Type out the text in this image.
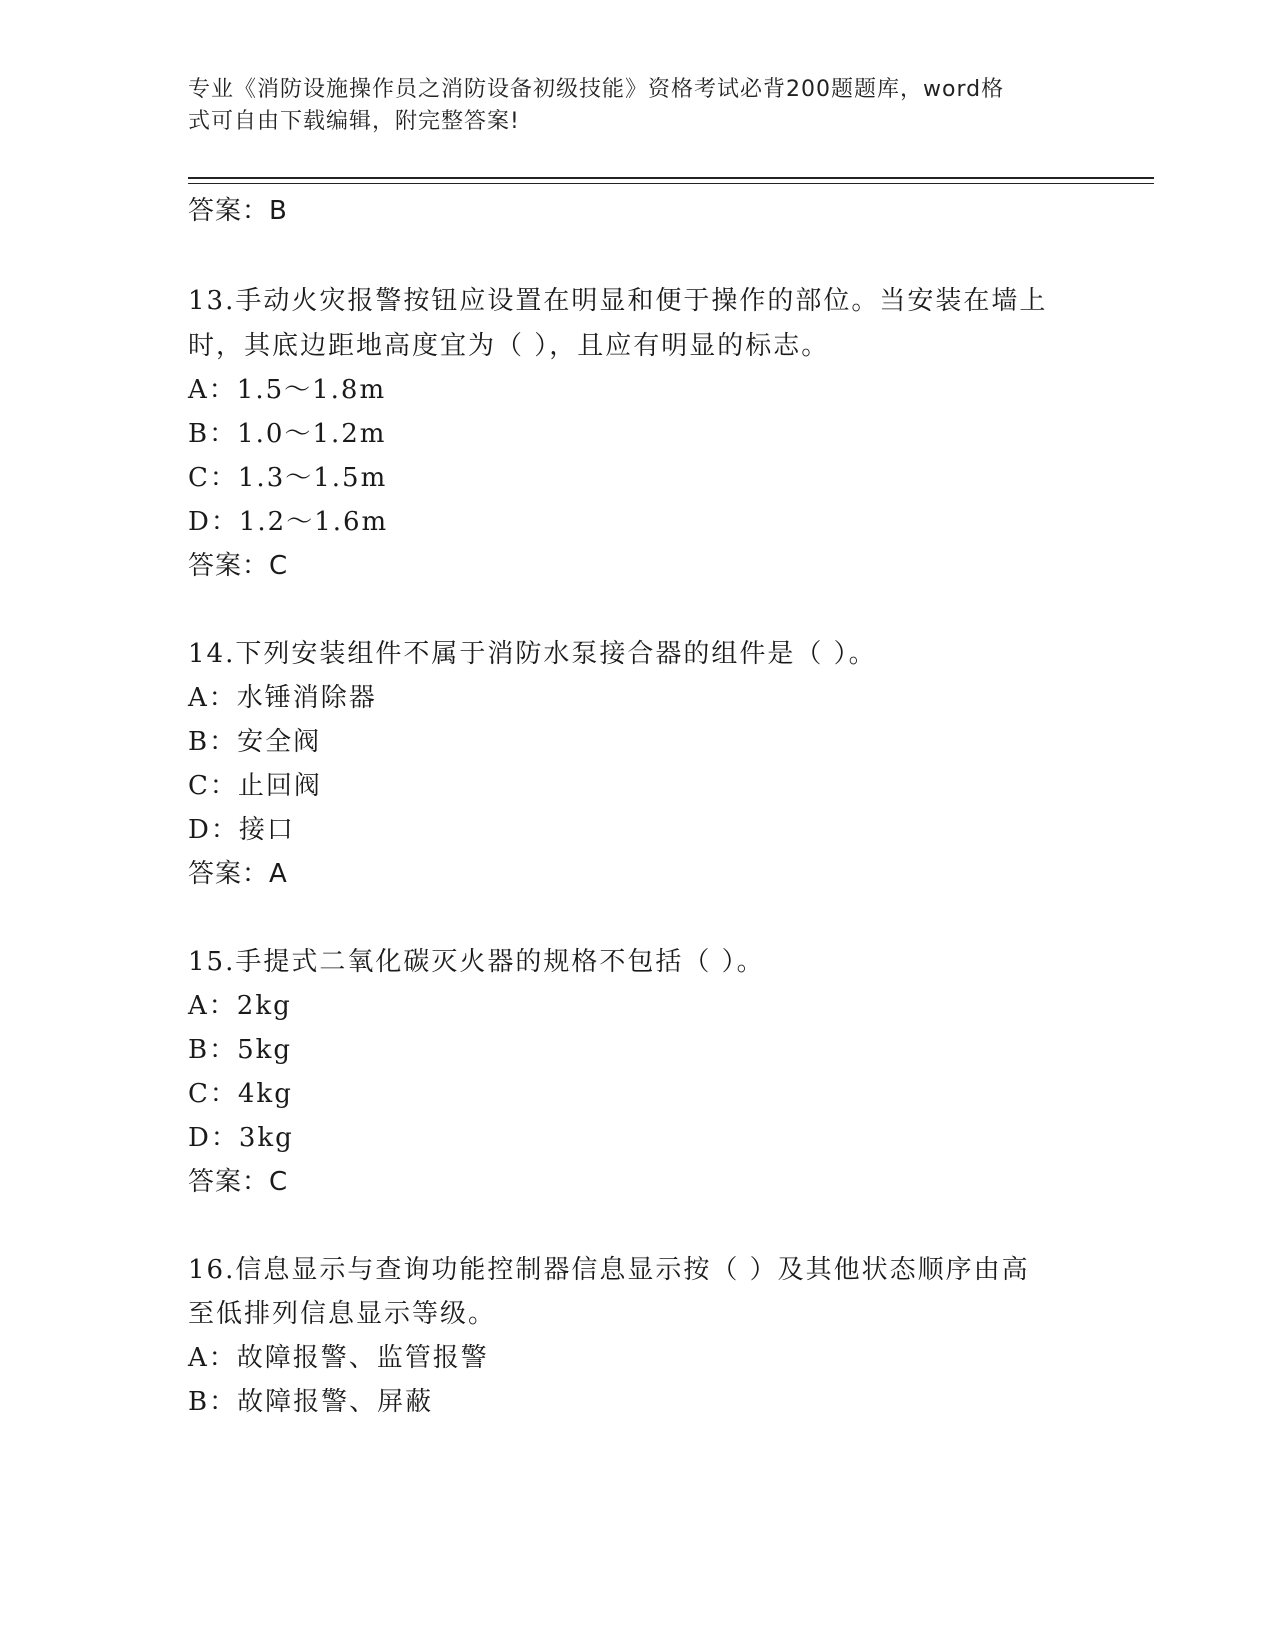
专业《消防设施操作员之消防设备初级技能》资格考试必背200题题库，word格
式可自由下载编辑，附完整答案!
答案：B
13.手动火灾报警按钮应设置在明显和便于操作的部位。当安装在墙上
时，其底边距地高度宜为（ ），且应有明显的标志。
A：1.5～1.8m
B：1.0～1.2m
C：1.3～1.5m
D：1.2～1.6m
答案：C
14.下列安装组件不属于消防水泵接合器的组件是（ ）。
A：水锤消除器
B：安全阀
C：止回阀
D：接口
答案：A
15.手提式二氧化碳灭火器的规格不包括（ ）。
A：2kg
B：5kg
C：4kg
D：3kg
答案：C
16.信息显示与查询功能控制器信息显示按（ ）及其他状态顺序由高
至低排列信息显示等级。
A：故障报警、监管报警
B：故障报警、屏蔽
